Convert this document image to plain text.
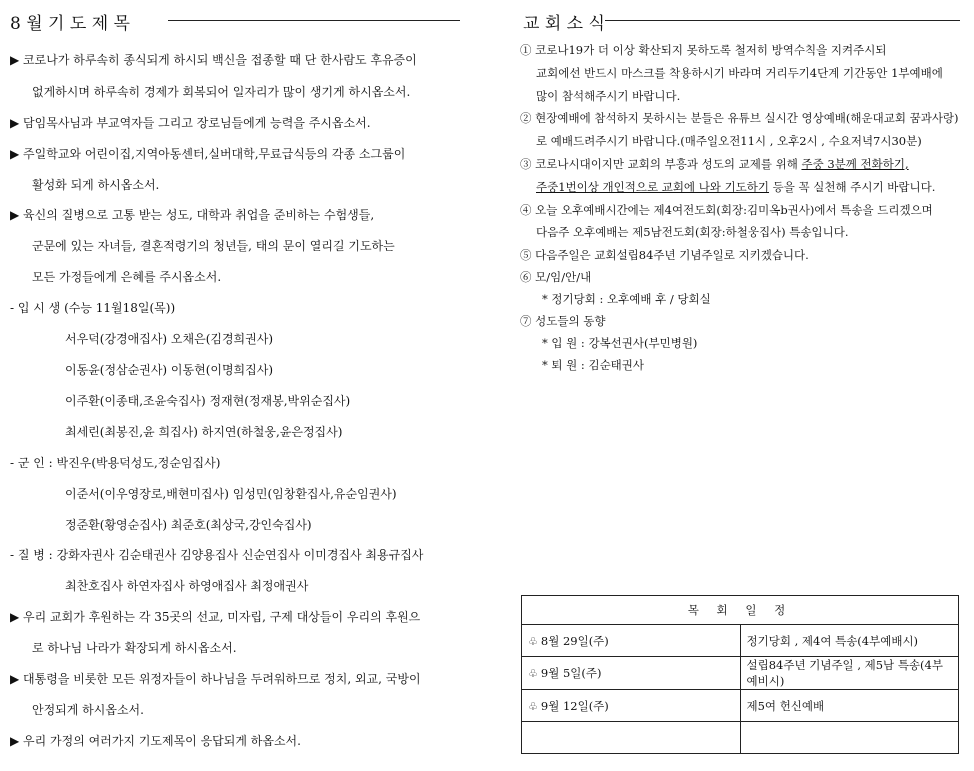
8 월 기 도 제 목
▶ 코로나가 하루속히 종식되게 하시되 백신을 접종할 때 단 한사람도 후유증이
없게하시며 하루속히 경제가 회복되어 일자리가 많이 생기게 하시옵소서.
▶ 담임목사님과 부교역자들 그리고 장로님들에게 능력을 주시옵소서.
▶ 주일학교와 어린이집,지역아동센터,실버대학,무료급식등의 각종 소그룹이
활성화 되게 하시옵소서.
▶ 육신의 질병으로 고통 받는 성도, 대학과 취업을 준비하는 수험생들,
군문에 있는 자녀들, 결혼적령기의 청년들, 태의 문이 열리길 기도하는
모든 가정들에게 은혜를 주시옵소서.
- 입 시 생 (수능 11월18일(목))
서우덕(강경애집사) 오채은(김경희권사)
이동윤(정삼순권사) 이동현(이명희집사)
이주환(이종태,조윤숙집사) 정재현(정재봉,박위순집사)
최세린(최봉진,윤 희집사) 하지연(하철웅,윤은정집사)
- 군 인 : 박진우(박용덕성도,정순임집사)
이준서(이우영장로,배현미집사) 임성민(임창환집사,유순임권사)
정준환(황영순집사) 최준호(최상국,강인숙집사)
- 질 병 : 강화자권사 김순태권사 김양용집사 신순연집사 이미경집사 최용규집사
최찬호집사 하연자집사 하영애집사 최정애권사
▶ 우리 교회가 후원하는 각 35곳의 선교, 미자립, 구제 대상들이 우리의 후원으
로 하나님 나라가 확장되게 하시옵소서.
▶ 대통령을 비롯한 모든 위정자들이 하나님을 두려워하므로 정치, 외교, 국방이
안정되게 하시옵소서.
▶ 우리 가정의 여러가지 기도제목이 응답되게 하옵소서.
교 회 소 식
① 코로나19가 더 이상 확산되지 못하도록 철저히 방역수칙을 지켜주시되
교회에선 반드시 마스크를 착용하시기 바라며 거리두기4단계 기간동안 1부예배에
많이 참석해주시기 바랍니다.
② 현장예배에 참석하지 못하시는 분들은 유튜브 실시간 영상예배(해운대교회 꿈과사랑)
로 예배드려주시기 바랍니다.(매주일오전11시 , 오후2시 , 수요저녁7시30분)
③ 코로나시대이지만 교회의 부흥과 성도의 교제를 위해 주중 3분께 전화하기,
주중1번이상 개인적으로 교회에 나와 기도하기 등을 꼭 실천해 주시기 바랍니다.
④ 오늘 오후예배시간에는 제4여전도회(회장:김미옥b권사)에서 특송을 드리겠으며
다음주 오후예배는 제5남전도회(회장:하철웅집사) 특송입니다.
⑤ 다음주일은 교회설립84주년 기념주일로 지키겠습니다.
⑥ 모/임/안/내
* 정기당회 : 오후예배 후 / 당회실
⑦ 성도들의 동향
* 입 원 : 강복선권사(부민병원)
* 퇴 원 : 김순태권사
목 회 일 정	
♧ 8월 29일(주)	정기당회 , 제4여 특송(4부예배시)
♧ 9월 5일(주)	설립84주년 기념주일 , 제5남 특송(4부예비시)
♧ 9월 12일(주)	제5여 헌신예배
